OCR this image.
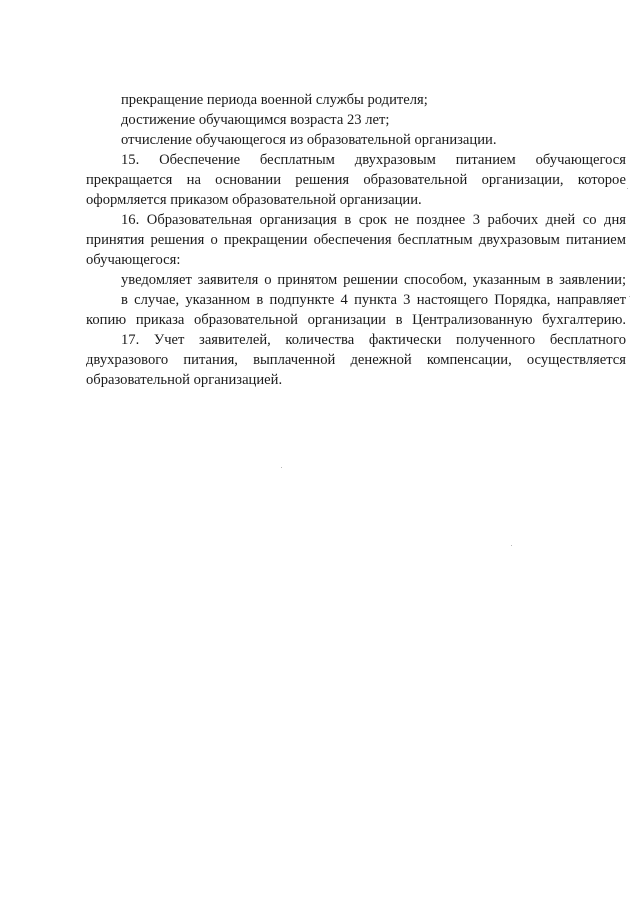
прекращение периода военной службы родителя;
достижение обучающимся возраста 23 лет;
отчисление обучающегося из образовательной организации.
15. Обеспечение бесплатным двухразовым питанием обучающегося
прекращается на основании решения образовательной организации, которое
оформляется приказом образовательной организации.
16. Образовательная организация в срок не позднее 3 рабочих дней со дня
принятия решения о прекращении обеспечения бесплатным двухразовым питанием
обучающегося:
уведомляет заявителя о принятом решении способом, указанным в заявлении;
в случае, указанном в подпункте 4 пункта 3 настоящего Порядка, направляет
копию приказа образовательной организации в Централизованную бухгалтерию.
17. Учет заявителей, количества фактически полученного бесплатного
двухразового питания, выплаченной денежной компенсации, осуществляется
образовательной организацией.
